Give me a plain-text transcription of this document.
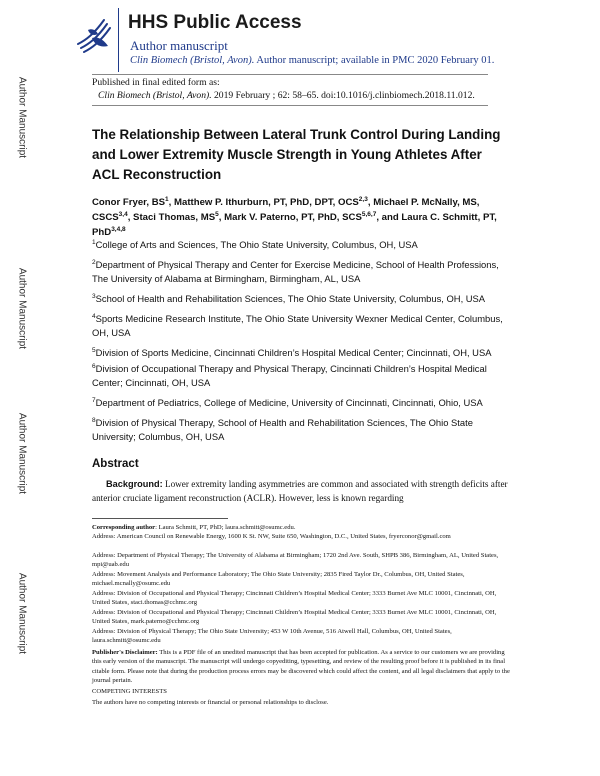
Author Manuscript
Author Manuscript
Author Manuscript
Author Manuscript
HHS Public Access
Author manuscript
Clin Biomech (Bristol, Avon). Author manuscript; available in PMC 2020 February 01.
Published in final edited form as:
Clin Biomech (Bristol, Avon). 2019 February ; 62: 58–65. doi:10.1016/j.clinbiomech.2018.11.012.
The Relationship Between Lateral Trunk Control During Landing and Lower Extremity Muscle Strength in Young Athletes After ACL Reconstruction
Conor Fryer, $BS^1$, Matthew P. Ithurburn, PT, PhD, DPT, OCS$^{2,3}$, Michael P. McNally, MS, CSCS$^{3,4}$, Staci Thomas, $MS^5$, Mark V. Paterno, PT, PhD, SCS$^{5,6,7}$, and Laura C. Schmitt, PT, PhD$^{3,4,8}$
$^1$College of Arts and Sciences, The Ohio State University, Columbus, OH, USA
$^2$Department of Physical Therapy and Center for Exercise Medicine, School of Health Professions, The University of Alabama at Birmingham, Birmingham, AL, USA
$^3$School of Health and Rehabilitation Sciences, The Ohio State University, Columbus, OH, USA
$^4$Sports Medicine Research Institute, The Ohio State University Wexner Medical Center, Columbus, OH, USA
$^5$Division of Sports Medicine, Cincinnati Children’s Hospital Medical Center; Cincinnati, OH, USA
$^6$Division of Occupational Therapy and Physical Therapy, Cincinnati Children’s Hospital Medical Center; Cincinnati, OH, USA
$^7$Department of Pediatrics, College of Medicine, University of Cincinnati, Cincinnati, Ohio, USA
$^8$Division of Physical Therapy, School of Health and Rehabilitation Sciences, The Ohio State University; Columbus, OH, USA
Abstract
Background: Lower extremity landing asymmetries are common and associated with strength deficits after anterior cruciate ligament reconstruction (ACLR). However, less is known regarding
Corresponding author: Laura Schmitt, PT, PhD; laura.schmitt@osumc.edu.
Address: American Council on Renewable Energy, 1600 K St. NW, Suite 650, Washington, D.C., United States, fryerconor@gmail.com
Address: Department of Physical Therapy; The University of Alabama at Birmingham; 1720 2nd Ave. South, SHPB 386, Birmingham, AL, United States, mpi@uab.edu
Address: Movement Analysis and Performance Laboratory; The Ohio State University; 2835 Fired Taylor Dr., Columbus, OH, United States, michael.mcnally@osumc.edu
Address: Division of Occupational and Physical Therapy; Cincinnati Children’s Hospital Medical Center; 3333 Burnet Ave MLC 10001, Cincinnati, OH, United States, staci.thomas@cchmc.org
Address: Division of Occupational and Physical Therapy; Cincinnati Children’s Hospital Medical Center; 3333 Burnet Ave MLC 10001, Cincinnati, OH, United States, mark.paterno@cchmc.org
Address: Division of Physical Therapy; The Ohio State University; 453 W 10th Avenue, 516 Atwell Hall, Columbus, OH, United States, laura.schmitt@osumc.edu
Publisher's Disclaimer: This is a PDF file of an unedited manuscript that has been accepted for publication. As a service to our customers we are providing this early version of the manuscript. The manuscript will undergo copyediting, typesetting, and review of the resulting proof before it is published in its final citable form. Please note that during the production process errors may be discovered which could affect the content, and all legal disclaimers that apply to the journal pertain.
COMPETING INTERESTS
The authors have no competing interests or financial or personal relationships to disclose.
